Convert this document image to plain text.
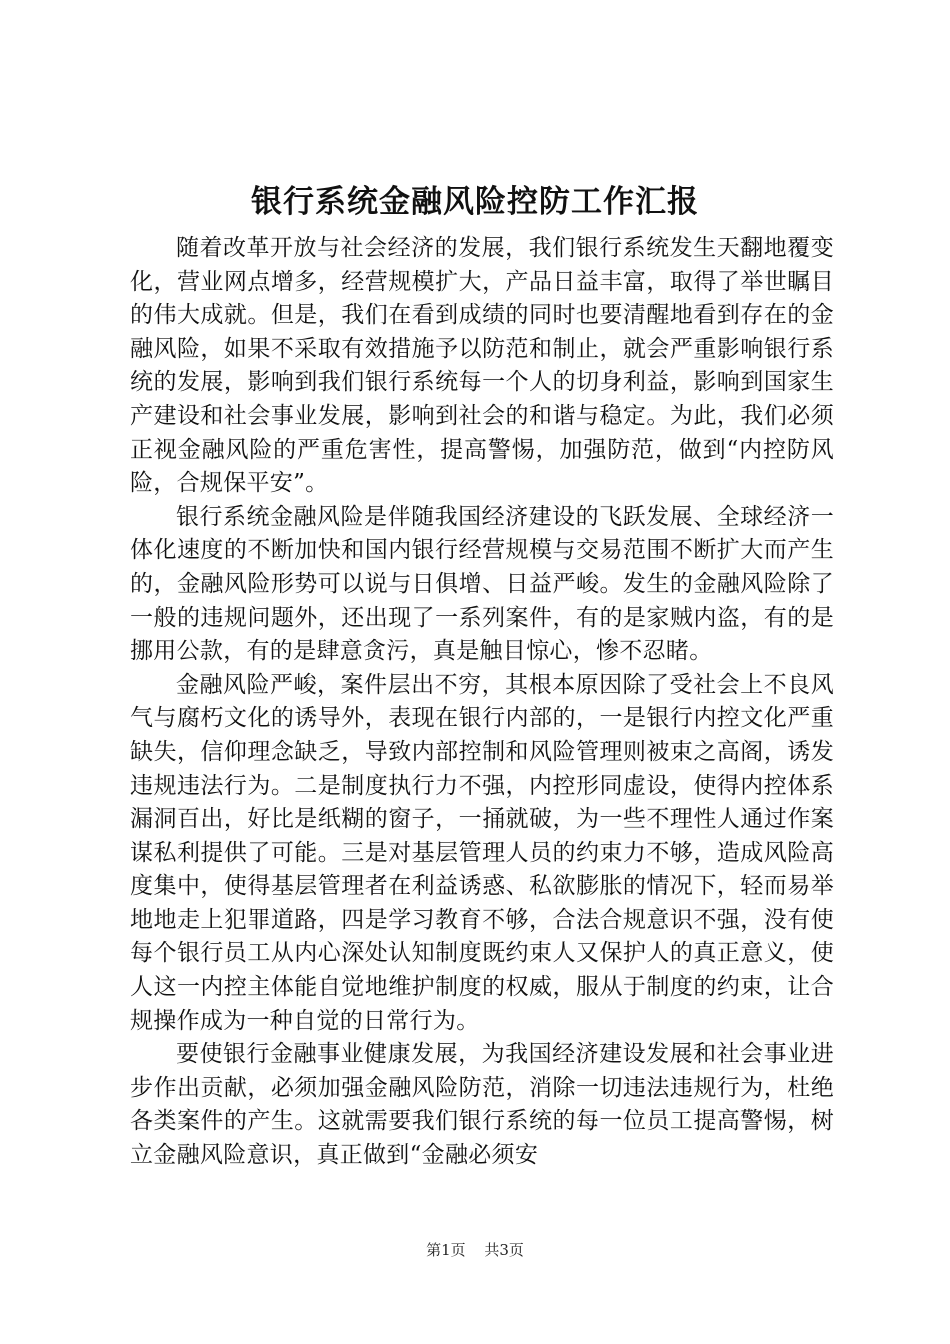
银行系统金融风险控防工作汇报

随着改革开放与社会经济的发展，我们银行系统发生天翻地覆变化，营业网点增多，经营规模扩大，产品日益丰富，取得了举世瞩目的伟大成就。但是，我们在看到成绩的同时也要清醒地看到存在的金融风险，如果不采取有效措施予以防范和制止，就会严重影响银行系统的发展，影响到我们银行系统每一个人的切身利益，影响到国家生产建设和社会事业发展，影响到社会的和谐与稳定。为此，我们必须正视金融风险的严重危害性，提高警惕，加强防范，做到“内控防风险，合规保平安”。

银行系统金融风险是伴随我国经济建设的飞跃发展、全球经济一体化速度的不断加快和国内银行经营规模与交易范围不断扩大而产生的，金融风险形势可以说与日俱增、日益严峻。发生的金融风险除了一般的违规问题外，还出现了一系列案件，有的是家贼内盗，有的是挪用公款，有的是肆意贪污，真是触目惊心，惨不忍睹。

金融风险严峻，案件层出不穷，其根本原因除了受社会上不良风气与腐朽文化的诱导外，表现在银行内部的，一是银行内控文化严重缺失，信仰理念缺乏，导致内部控制和风险管理则被束之高阁，诱发违规违法行为。二是制度执行力不强，内控形同虚设，使得内控体系漏洞百出，好比是纸糊的窗子，一捅就破，为一些不理性人通过作案谋私利提供了可能。三是对基层管理人员的约束力不够，造成风险高度集中，使得基层管理者在利益诱惑、私欲膨胀的情况下，轻而易举地地走上犯罪道路，四是学习教育不够，合法合规意识不强，没有使每个银行员工从内心深处认知制度既约束人又保护人的真正意义，使人这一内控主体能自觉地维护制度的权威，服从于制度的约束，让合规操作成为一种自觉的日常行为。

要使银行金融事业健康发展，为我国经济建设发展和社会事业进步作出贡献，必须加强金融风险防范，消除一切违法违规行为，杜绝各类案件的产生。这就需要我们银行系统的每一位员工提高警惕，树立金融风险意识，真正做到“金融必须安

第1页 共3页
